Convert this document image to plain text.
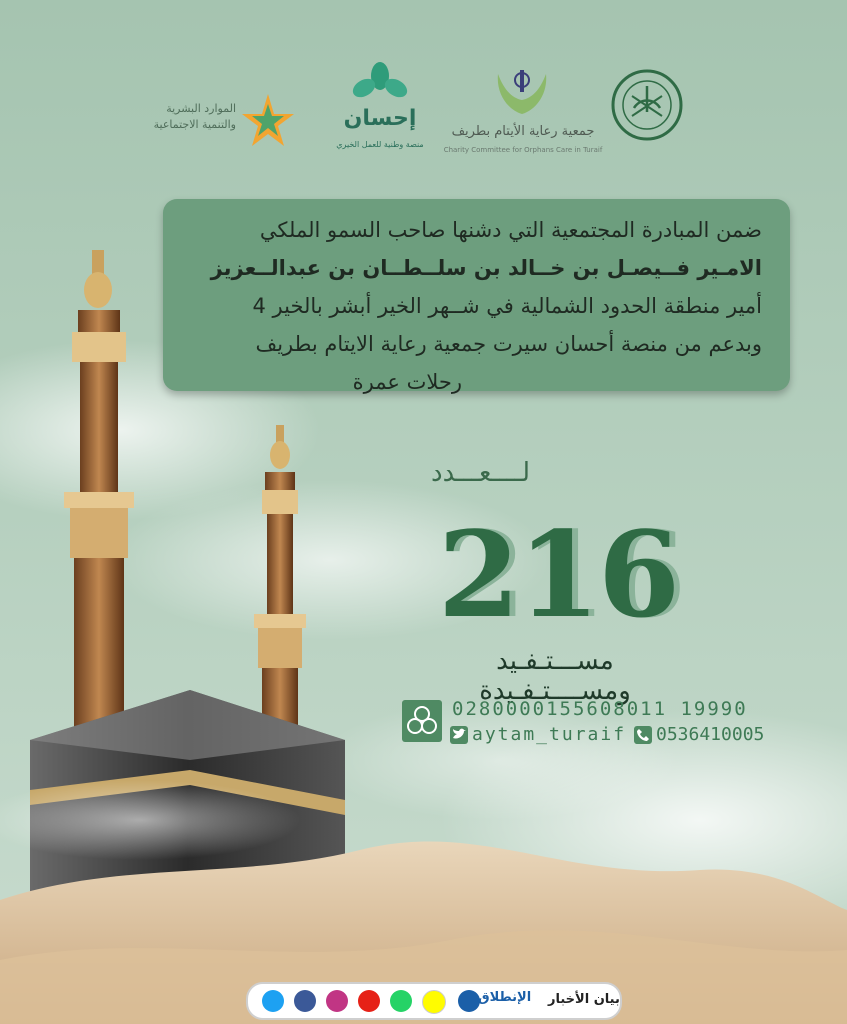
الموارد البشرية
والتنمية الاجتماعية	إحسان
منصة وطنية للعمل الخيري
جمعية رعاية الأيتام بطريف
Charity Committee for Orphans Care in Turaif
ضمن المبادرة المجتمعية التي دشنها صاحب السمو الملكي
الامـير فــيصـل بن خــالد بن سلــطــان بن عبدالــعزيز
أمير منطقة الحدود الشمالية في شــهر الخير أبشر بالخير 4
وبدعم من منصة أحسان سيرت جمعية رعاية الايتام بطريف
رحلات عمرة
لــــعـــدد
216
مســـتـفـيد ومســــتـفـيدة
0280000155608011 19990
aytam_turaif 0536410005
الإنطلاق بيان الأخبار
